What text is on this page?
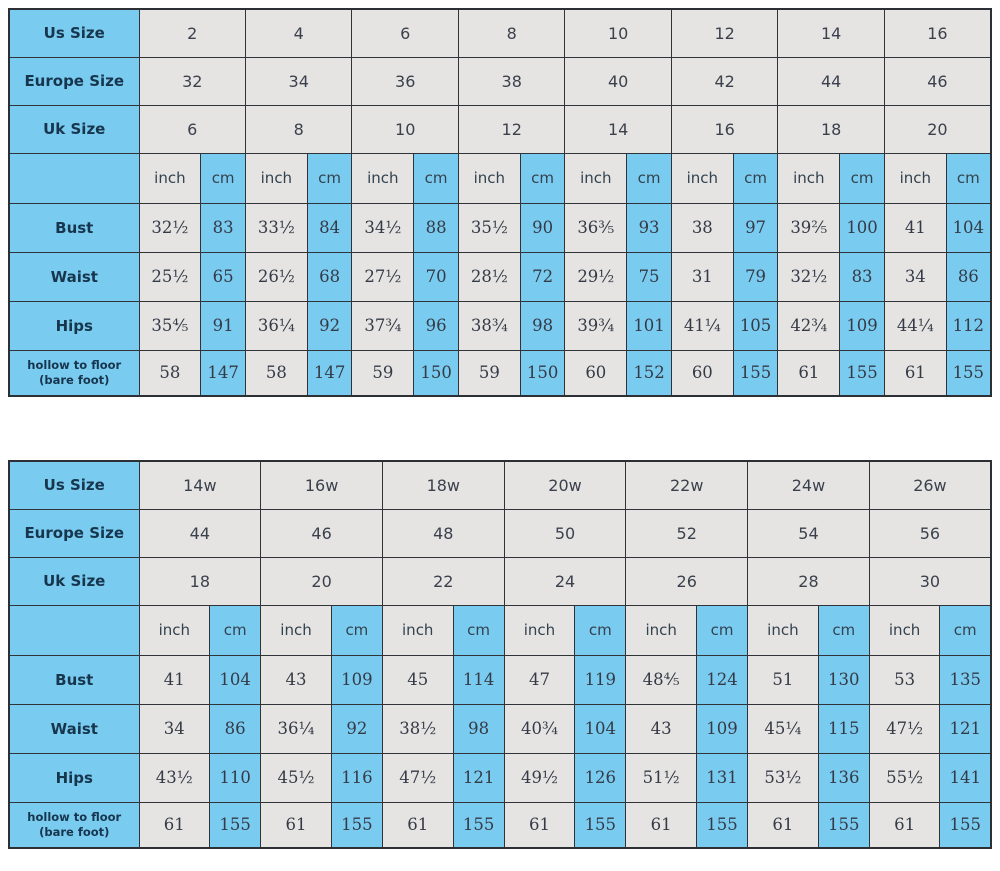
Us Size	2		4		6		8		10		12		14		16	
Europe Size	32		34		36		38		40		42		44		46	
Uk Size	6		8		10		12		14		16		18		20	
	inch	cm	inch	cm	inch	cm	inch	cm	inch	cm	inch	cm	inch	cm	inch	cm
Bust	32½	83	33½	84	34½	88	35½	90	36⅗	93	38	97	39⅖	100	41	104
Waist	25½	65	26½	68	27½	70	28½	72	29½	75	31	79	32½	83	34	86
Hips	35⅘	91	36¼	92	37¾	96	38¾	98	39¾	101	41¼	105	42¾	109	44¼	112

hollow to floor
(bare foot)	58	147	58	147	59	150	59	150	60	152	60	155	61	155	61	155
Us Size	14w		16w		18w		20w		22w		24w		26w	
Europe Size	44		46		48		50		52		54		56	
Uk Size	18		20		22		24		26		28		30	
	inch	cm	inch	cm	inch	cm	inch	cm	inch	cm	inch	cm	inch	cm
Bust	41	104	43	109	45	114	47	119	48⅘	124	51	130	53	135
Waist	34	86	36¼	92	38½	98	40¾	104	43	109	45¼	115	47½	121
Hips	43½	110	45½	116	47½	121	49½	126	51½	131	53½	136	55½	141

hollow to floor
(bare foot)	61	155	61	155	61	155	61	155	61	155	61	155	61	155
